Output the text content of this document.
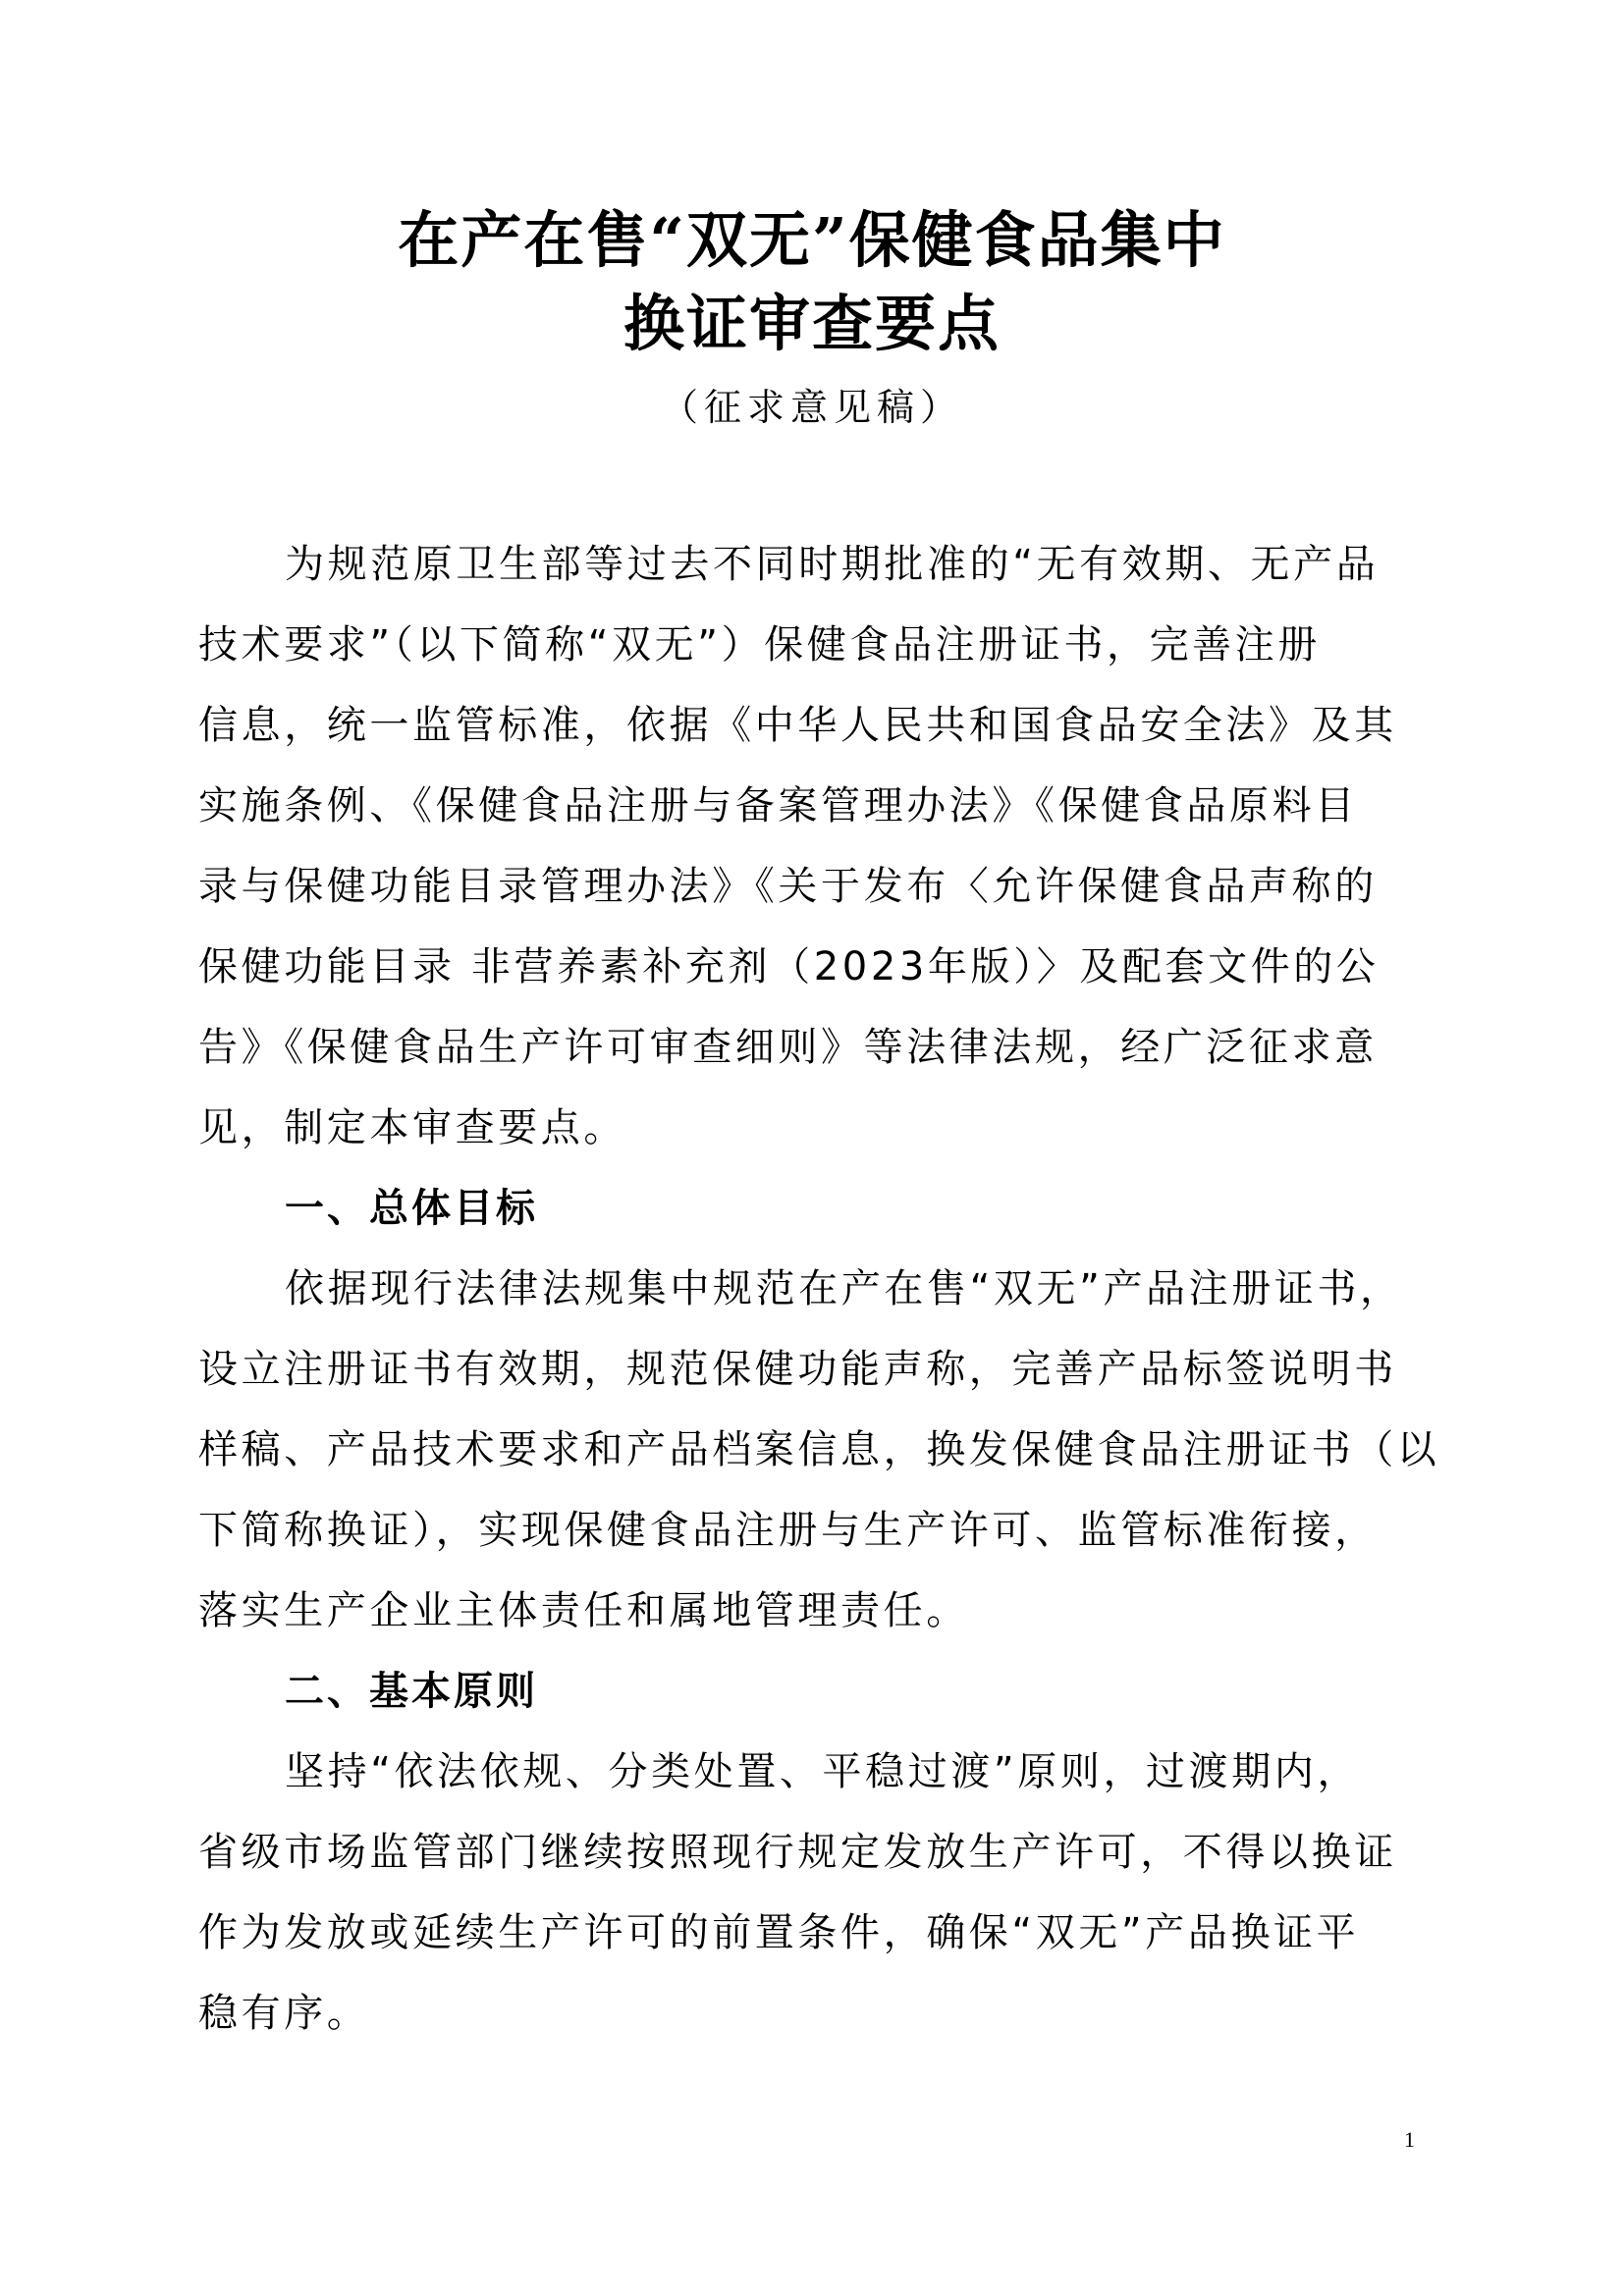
在产在售“双无”保健食品集中
换证审查要点
（征求意见稿）
为规范原卫生部等过去不同时期批准的“无有效期、无产品
技术要求”（以下简称“双无”）保健食品注册证书，完善注册
信息，统一监管标准，依据《中华人民共和国食品安全法》及其
实施条例、《保健食品注册与备案管理办法》《保健食品原料目
录与保健功能目录管理办法》《关于发布〈允许保健食品声称的
保健功能目录 非营养素补充剂（2023年版）〉及配套文件的公
告》《保健食品生产许可审查细则》等法律法规，经广泛征求意
见，制定本审查要点。
一、总体目标
依据现行法律法规集中规范在产在售“双无”产品注册证书，
设立注册证书有效期，规范保健功能声称，完善产品标签说明书
样稿、产品技术要求和产品档案信息，换发保健食品注册证书（以
下简称换证），实现保健食品注册与生产许可、监管标准衔接，
落实生产企业主体责任和属地管理责任。
二、基本原则
坚持“依法依规、分类处置、平稳过渡”原则，过渡期内，
省级市场监管部门继续按照现行规定发放生产许可，不得以换证
作为发放或延续生产许可的前置条件，确保“双无”产品换证平
稳有序。
1
